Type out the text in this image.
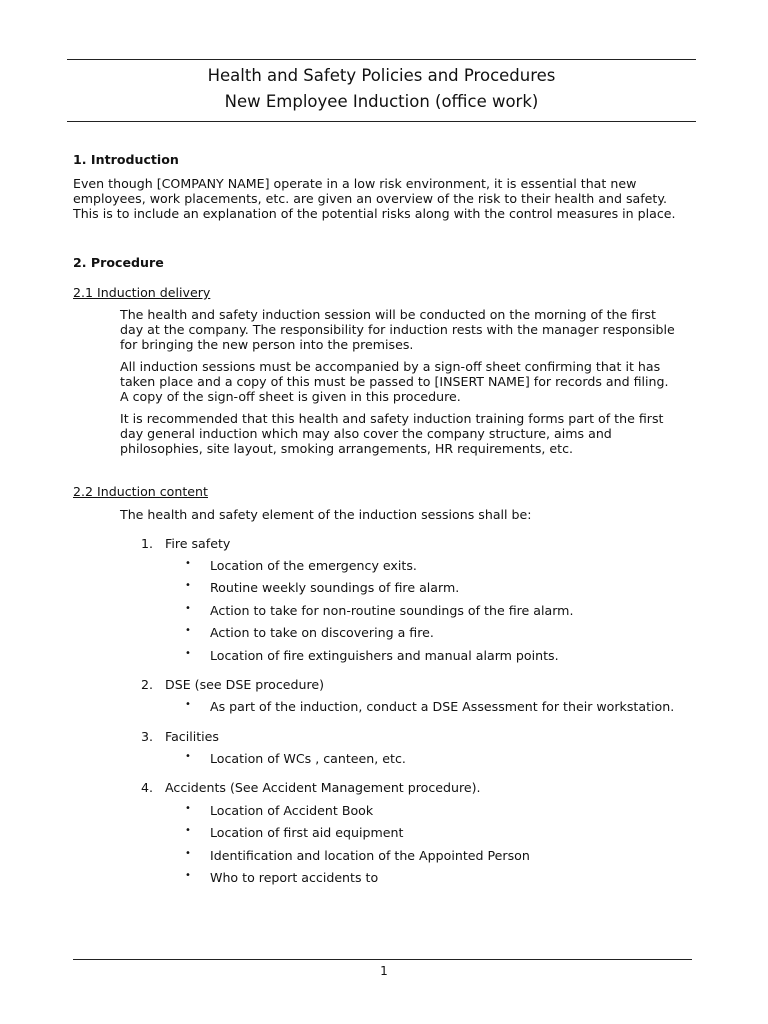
Health and Safety Policies and Procedures
New Employee Induction (office work)
1. Introduction
Even though [COMPANY NAME] operate in a low risk environment, it is essential that new
employees, work placements, etc. are given an overview of the risk to their health and safety.
This is to include an explanation of the potential risks along with the control measures in place.
2. Procedure
2.1 Induction delivery
The health and safety induction session will be conducted on the morning of the first
day at the company. The responsibility for induction rests with the manager responsible
for bringing the new person into the premises.
All induction sessions must be accompanied by a sign-off sheet confirming that it has
taken place and a copy of this must be passed to [INSERT NAME] for records and filing.
A copy of the sign-off sheet is given in this procedure.
It is recommended that this health and safety induction training forms part of the first
day general induction which may also cover the company structure, aims and
philosophies, site layout, smoking arrangements, HR requirements, etc.
2.2 Induction content
The health and safety element of the induction sessions shall be:
1. Fire safety
• Location of the emergency exits.
• Routine weekly soundings of fire alarm.
• Action to take for non-routine soundings of the fire alarm.
• Action to take on discovering a fire.
• Location of fire extinguishers and manual alarm points.
2. DSE (see DSE procedure)
• As part of the induction, conduct a DSE Assessment for their workstation.
3. Facilities
• Location of WCs , canteen, etc.
4. Accidents (See Accident Management procedure).
• Location of Accident Book
• Location of first aid equipment
• Identification and location of the Appointed Person
• Who to report accidents to
1
